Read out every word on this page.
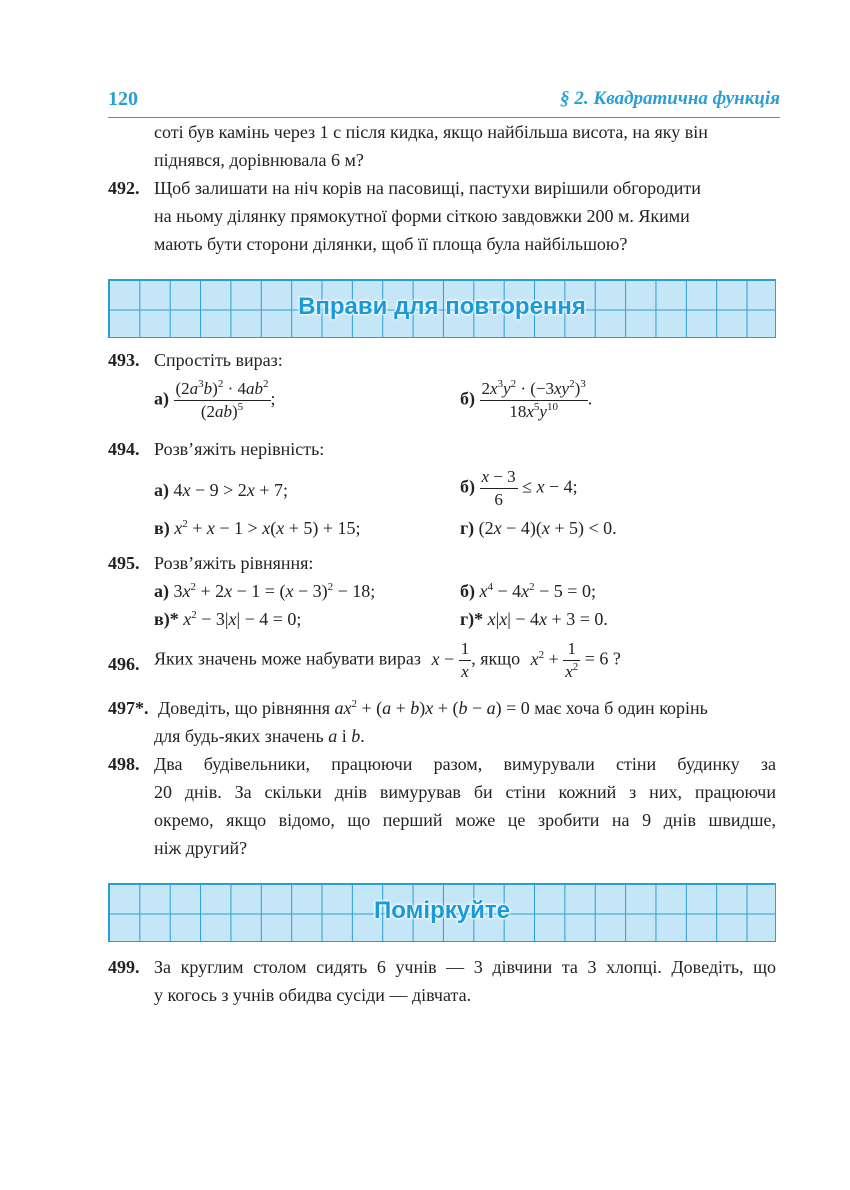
120	§ 2. Квадратична функція
соті був камінь через 1 с після кидка, якщо найбільша висота, на яку він
піднявся, дорівнювала 6 м?
492. Щоб залишати на ніч корів на пасовищі, пастухи вирішили обгородити
на ньому ділянку прямокутної форми сіткою завдовжки 200 м. Якими
мають бути сторони ділянки, щоб її площа була найбільшою?
Вправи для повторення
493. Спростіть вираз:
$а) \frac{(2a^3b)^2 \cdot 4ab^2}{(2ab)^5}$ ;	$б) \frac{2x^3y^2 \cdot (-3xy^2)^3}{18x^5y^{10}}$ .
494. Розв’яжіть нерівність:
а) 4x − 9 > 2x + 7;	$б) \frac{x - 3}{6} \le x - 4$;
в) $x^2 + x - 1 > x(x + 5) + 15$;	г) (2x − 4)(x + 5) < 0.
495. Розв’яжіть рівняння:
а) $3x^2 + 2x - 1 = (x - 3)^2 - 18$;	б) $x^4 - 4x^2 - 5 = 0$;
в)* $x^2 - 3|x| - 4 = 0$;	г)* x|x| − 4x + 3 = 0.
496. Яких значень може набувати вираз $x - \frac{1}{x}$ , якщо $x^2 + \frac{1}{x^2} = 6$ ?
497*. Доведіть, що рівняння $ax^2 + (a + b)x + (b - a) = 0$ має хоча б один корінь
для будь-яких значень a і b.
498. Два будівельники, працюючи разом, вимурували стіни будинку за
20 днів. За скільки днів вимурував би стіни кожний з них, працюючи
окремо, якщо відомо, що перший може це зробити на 9 днів швидше,
ніж другий?
Поміркуйте
499. За круглим столом сидять 6 учнів — 3 дівчини та 3 хлопці. Доведіть, що
у когось з учнів обидва сусіди — дівчата.
